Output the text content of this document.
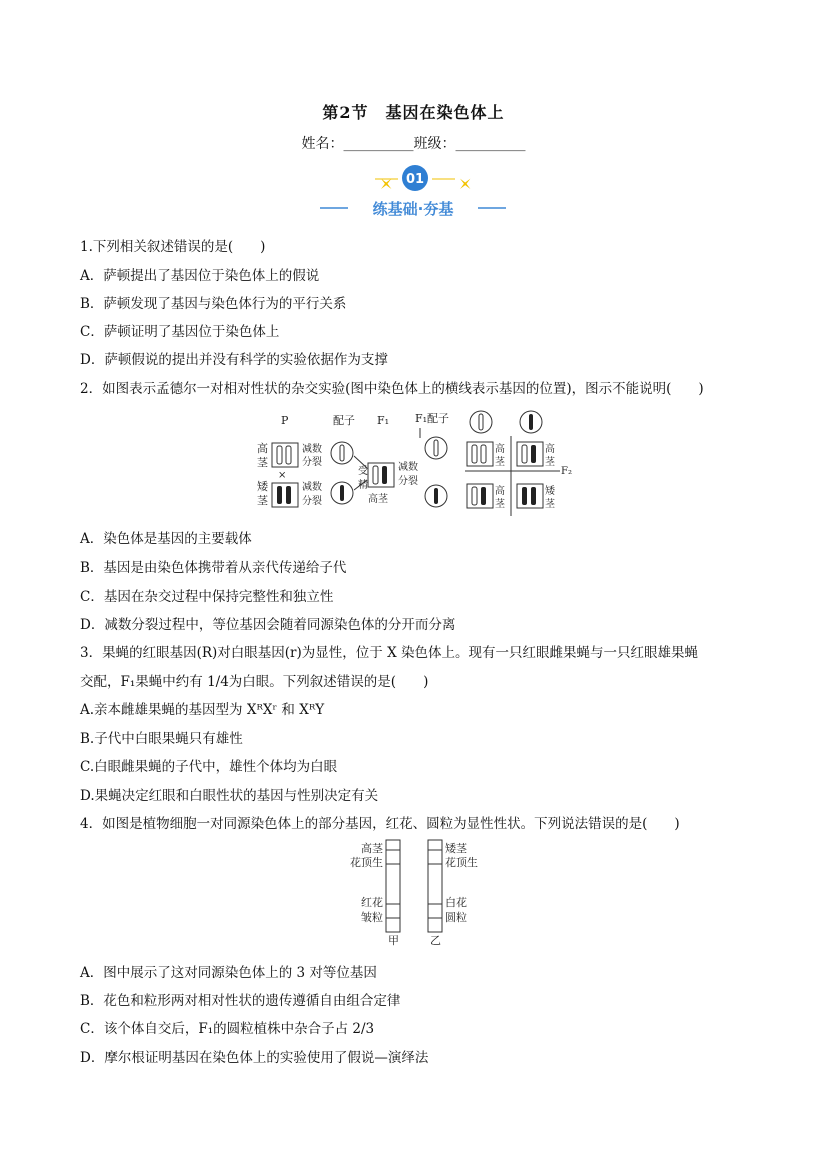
第2节　基因在染色体上
姓名：__________班级：__________
01
练基础·夯基
1.下列相关叙述错误的是(　　)
A．萨顿提出了基因位于染色体上的假说
B．萨顿发现了基因与染色体行为的平行关系
C．萨顿证明了基因位于染色体上
D．萨顿假说的提出并没有科学的实验依据作为支撑
2．如图表示孟德尔一对相对性状的杂交实验(图中染色体上的横线表示基因的位置)，图示不能说明(　　)
P	配子 F₁ F₁配子
高
茎
×
减数
分裂
矮
茎
减数
分裂
受
精
高茎
减数
分裂
F₂
高
茎
高
茎
高
茎
矮
茎
A．染色体是基因的主要载体
B．基因是由染色体携带着从亲代传递给子代
C．基因在杂交过程中保持完整性和独立性
D．减数分裂过程中，等位基因会随着同源染色体的分开而分离
3．果蝇的红眼基因(R)对白眼基因(r)为显性，位于 X 染色体上。现有一只红眼雌果蝇与一只红眼雄果蝇
交配，F₁果蝇中约有 1/4为白眼。下列叙述错误的是(　　)
A.亲本雌雄果蝇的基因型为 XᴿXʳ 和 XᴿY
B.子代中白眼果蝇只有雄性
C.白眼雌果蝇的子代中，雄性个体均为白眼
D.果蝇决定红眼和白眼性状的基因与性别决定有关
4．如图是植物细胞一对同源染色体上的部分基因，红花、圆粒为显性性状。下列说法错误的是(　　)
高茎
花顶生
红花
皱粒
甲
矮茎
花顶生
白花
圆粒
乙
A．图中展示了这对同源染色体上的 3 对等位基因
B．花色和粒形两对相对性状的遗传遵循自由组合定律
C．该个体自交后，F₁的圆粒植株中杂合子占 2/3
D．摩尔根证明基因在染色体上的实验使用了假说—演绎法
